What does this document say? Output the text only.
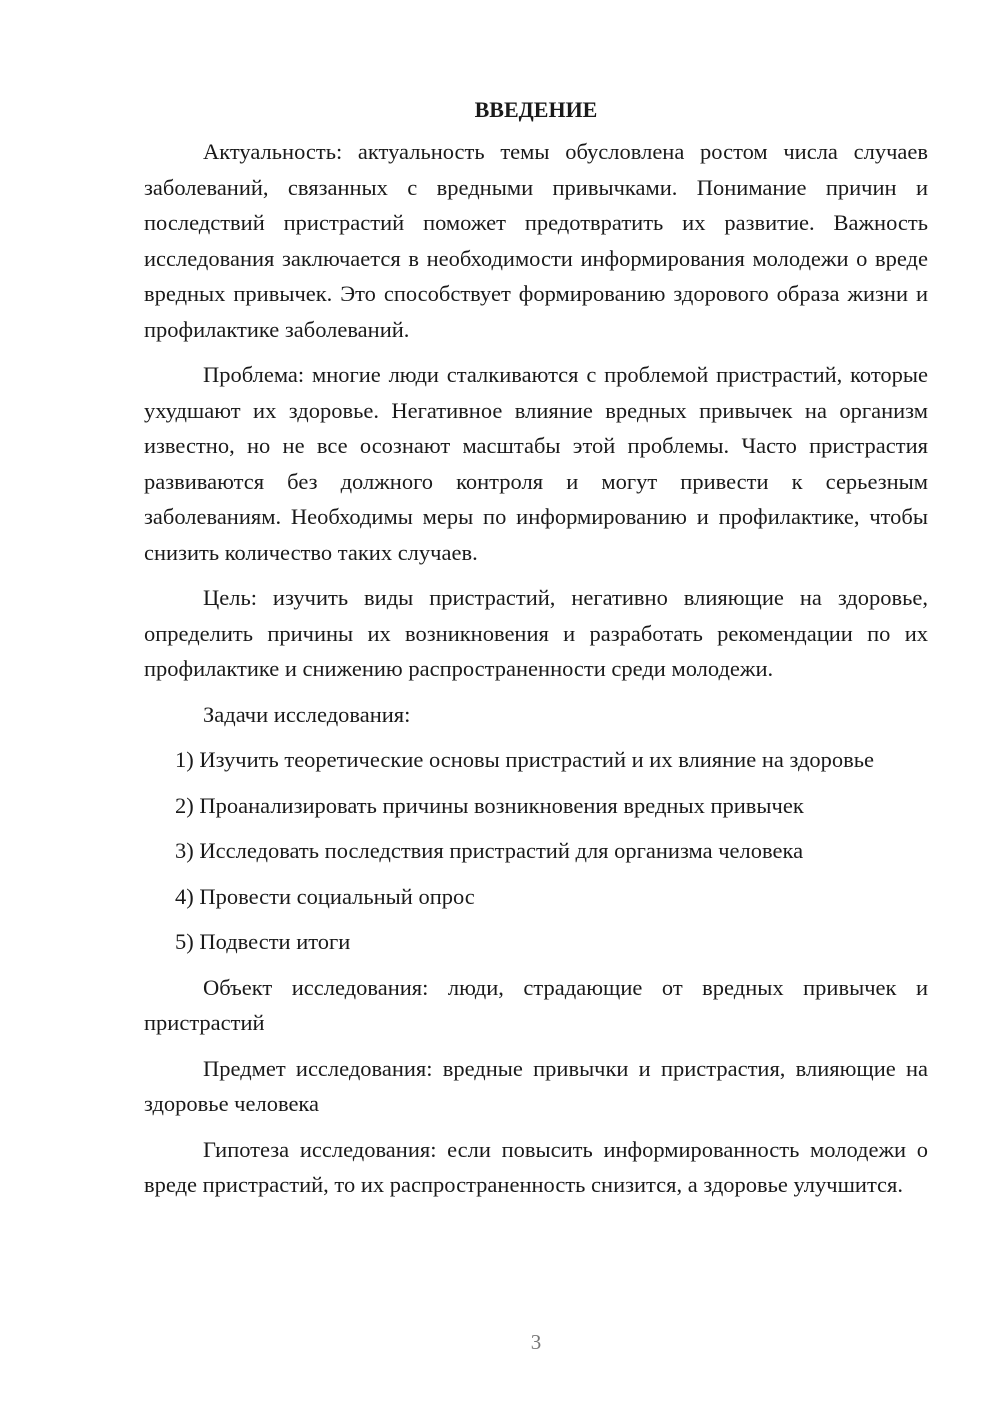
ВВЕДЕНИЕ

Актуальность: актуальность темы обусловлена ростом числа случаев заболеваний, связанных с вредными привычками. Понимание причин и последствий пристрастий поможет предотвратить их развитие. Важность исследования заключается в необходимости информирования молодежи о вреде вредных привычек. Это способствует формированию здорового образа жизни и профилактике заболеваний.

Проблема: многие люди сталкиваются с проблемой пристрастий, которые ухудшают их здоровье. Негативное влияние вредных привычек на организм известно, но не все осознают масштабы этой проблемы. Часто пристрастия развиваются без должного контроля и могут привести к серьезным заболеваниям. Необходимы меры по информированию и профилактике, чтобы снизить количество таких случаев.

Цель: изучить виды пристрастий, негативно влияющие на здоровье, определить причины их возникновения и разработать рекомендации по их профилактике и снижению распространенности среди молодежи.

Задачи исследования:

1) Изучить теоретические основы пристрастий и их влияние на здоровье

2) Проанализировать причины возникновения вредных привычек

3) Исследовать последствия пристрастий для организма человека

4) Провести социальный опрос

5) Подвести итоги

Объект исследования: люди, страдающие от вредных привычек и пристрастий

Предмет исследования: вредные привычки и пристрастия, влияющие на здоровье человека

Гипотеза исследования: если повысить информированность молодежи о вреде пристрастий, то их распространенность снизится, а здоровье улучшится.

3
